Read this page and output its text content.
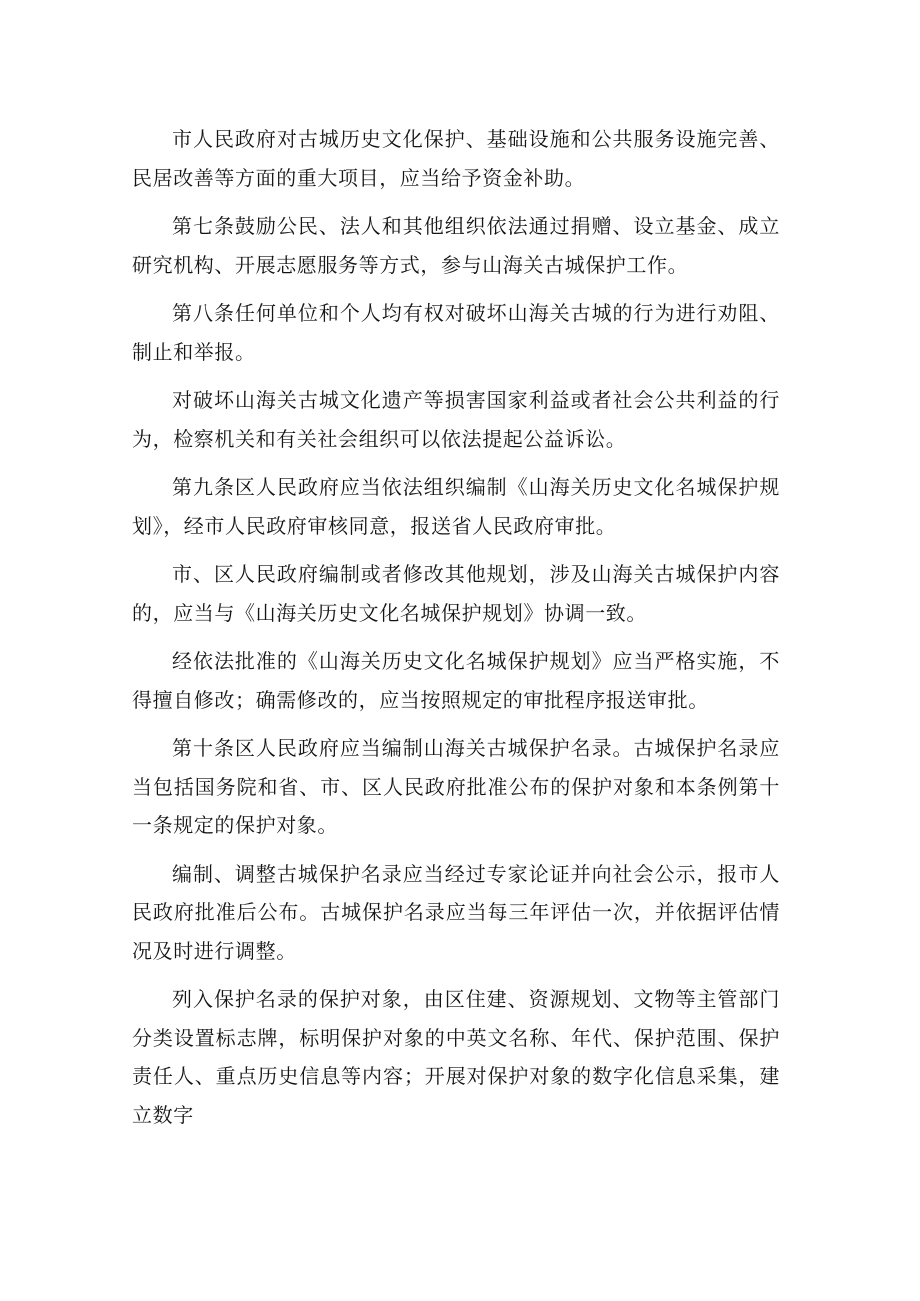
市人民政府对古城历史文化保护、基础设施和公共服务设施完善、民居改善等方面的重大项目，应当给予资金补助。

第七条鼓励公民、法人和其他组织依法通过捐赠、设立基金、成立研究机构、开展志愿服务等方式，参与山海关古城保护工作。

第八条任何单位和个人均有权对破坏山海关古城的行为进行劝阻、制止和举报。

对破坏山海关古城文化遗产等损害国家利益或者社会公共利益的行为，检察机关和有关社会组织可以依法提起公益诉讼。

第九条区人民政府应当依法组织编制《山海关历史文化名城保护规划》，经市人民政府审核同意，报送省人民政府审批。

市、区人民政府编制或者修改其他规划，涉及山海关古城保护内容的，应当与《山海关历史文化名城保护规划》协调一致。

经依法批准的《山海关历史文化名城保护规划》应当严格实施，不得擅自修改；确需修改的，应当按照规定的审批程序报送审批。

第十条区人民政府应当编制山海关古城保护名录。古城保护名录应当包括国务院和省、市、区人民政府批准公布的保护对象和本条例第十一条规定的保护对象。

编制、调整古城保护名录应当经过专家论证并向社会公示，报市人民政府批准后公布。古城保护名录应当每三年评估一次，并依据评估情况及时进行调整。

列入保护名录的保护对象，由区住建、资源规划、文物等主管部门分类设置标志牌，标明保护对象的中英文名称、年代、保护范围、保护责任人、重点历史信息等内容；开展对保护对象的数字化信息采集，建立数字
